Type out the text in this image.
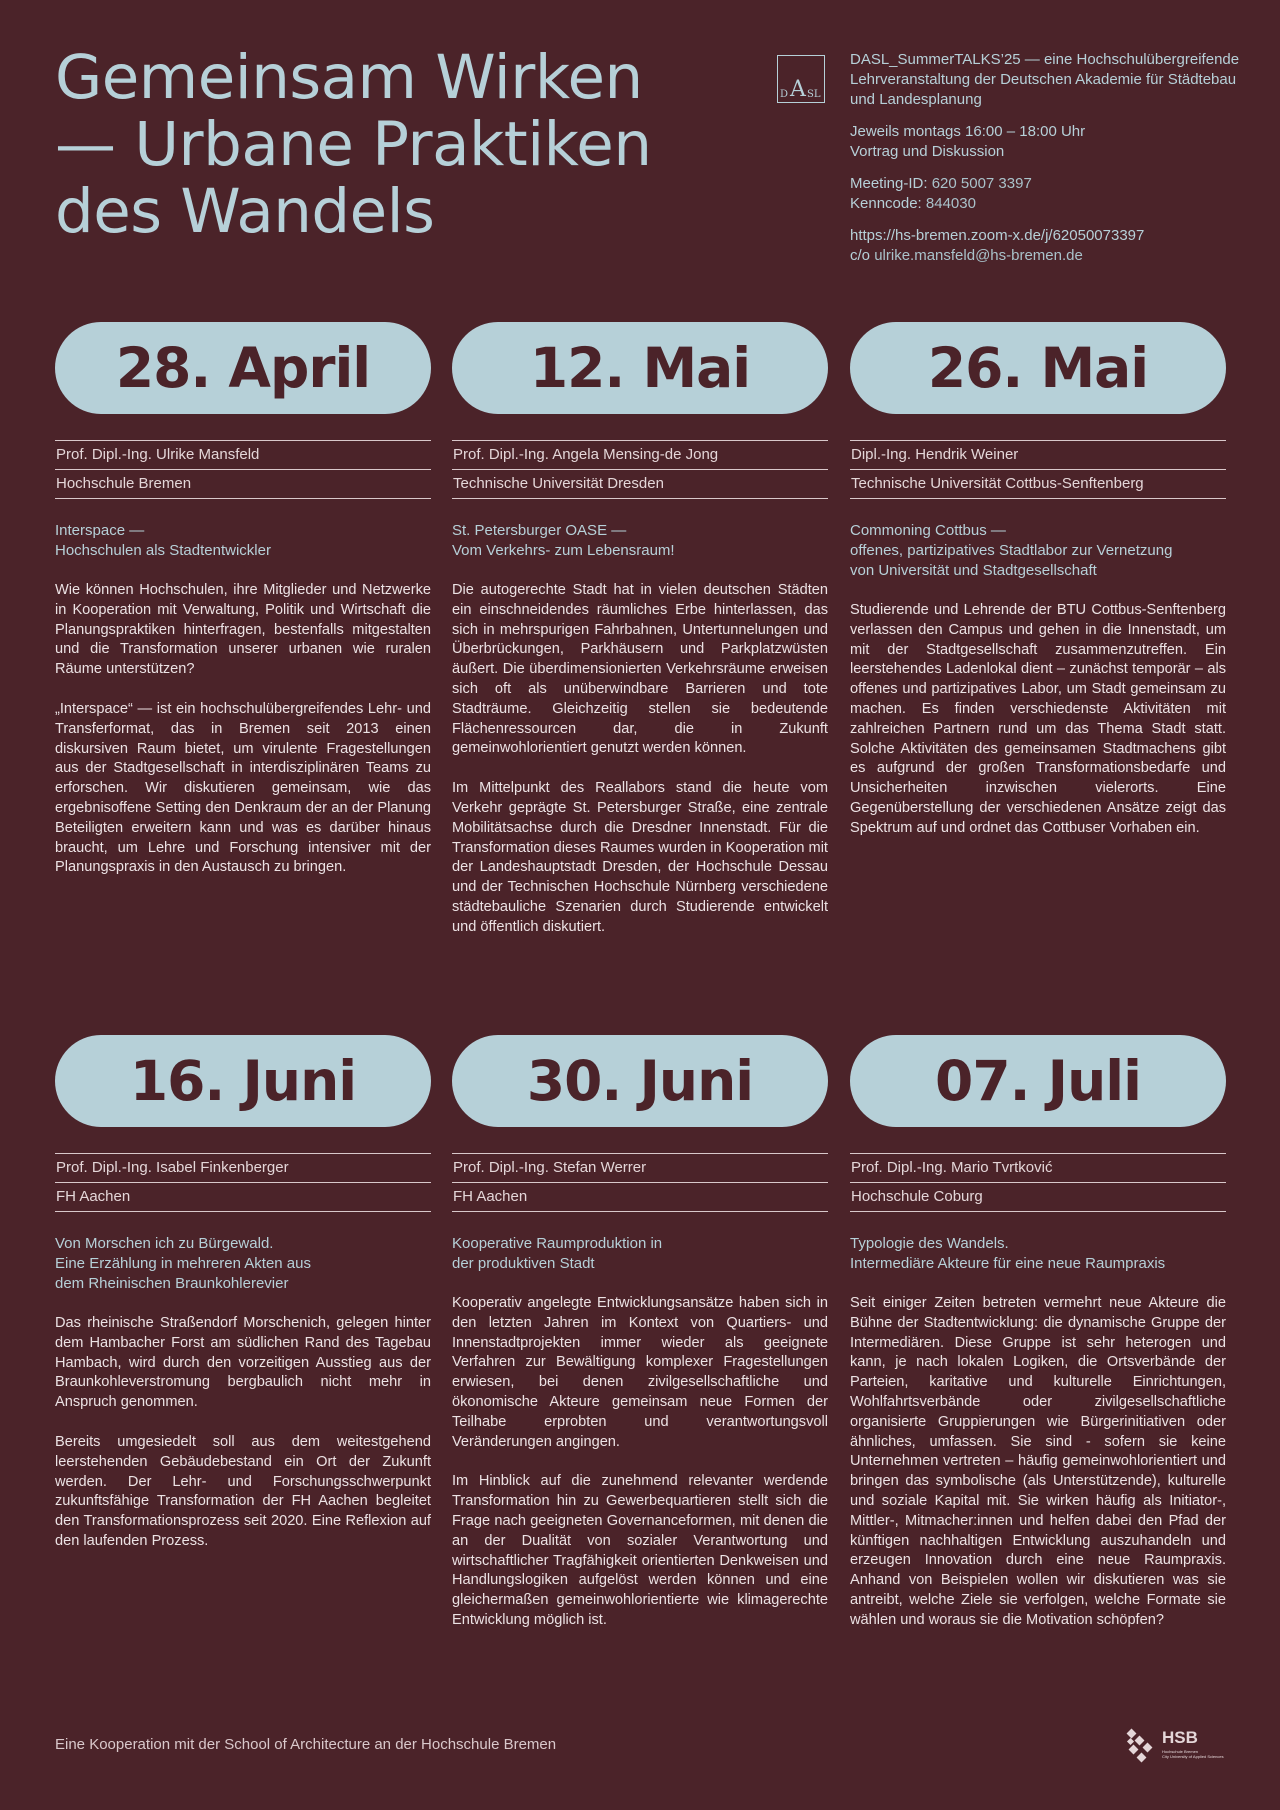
Gemeinsam Wirken
— Urbane Praktiken
des Wandels
D A SL

DASL_SummerTALKS’25 — eine Hochschulübergreifende Lehrveranstaltung der Deutschen Akademie für Städtebau und Landesplanung

Jeweils montags 16:00 – 18:00 Uhr

Vortrag und Diskussion

Meeting-ID: 620 5007 3397

Kenncode: 844030

https://hs-bremen.zoom-x.de/j/62050073397

c/o ulrike.mansfeld@hs-bremen.de

28. April
Prof. Dipl.-Ing. Ulrike Mansfeld
Hochschule Bremen
Interspace —
Hochschulen als Stadtentwickler

Wie können Hochschulen, ihre Mitglieder und Netzwerke in Kooperation mit Verwaltung, Politik und Wirtschaft die Planungspraktiken hinterfragen, bestenfalls mitgestalten und die Transformation unserer urbanen wie ruralen Räume unterstützen?

„Interspace“ — ist ein hochschulübergreifendes Lehr- und Transferformat, das in Bremen seit 2013 einen diskursiven Raum bietet, um virulente Fragestellungen aus der Stadtgesellschaft in interdisziplinären Teams zu erforschen. Wir diskutieren gemeinsam, wie das ergebnisoffene Setting den Denkraum der an der Planung Beteiligten erweitern kann und was es darüber hinaus braucht, um Lehre und Forschung intensiver mit der Planungspraxis in den Austausch zu bringen.

12. Mai
Prof. Dipl.-Ing. Angela Mensing-de Jong
Technische Universität Dresden
St. Petersburger OASE —
Vom Verkehrs- zum Lebensraum!

Die autogerechte Stadt hat in vielen deutschen Städten ein einschneidendes räumliches Erbe hinterlassen, das sich in mehrspurigen Fahrbahnen, Untertunnelungen und Überbrückungen, Parkhäusern und Parkplatzwüsten äußert. Die überdimensionierten Verkehrsräume erweisen sich oft als unüberwindbare Barrieren und tote Stadträume. Gleichzeitig stellen sie bedeutende Flächenressourcen dar, die in Zukunft gemeinwohlorientiert genutzt werden können.

Im Mittelpunkt des Reallabors stand die heute vom Verkehr geprägte St. Petersburger Straße, eine zentrale Mobilitätsachse durch die Dresdner Innenstadt. Für die Transformation dieses Raumes wurden in Kooperation mit der Landeshauptstadt Dresden, der Hochschule Dessau und der Technischen Hochschule Nürnberg verschiedene städtebauliche Szenarien durch Studierende entwickelt und öffentlich diskutiert.

26. Mai
Dipl.-Ing. Hendrik Weiner
Technische Universität Cottbus-Senftenberg
Commoning Cottbus —
offenes, partizipatives Stadtlabor zur Vernetzung
von Universität und Stadtgesellschaft

Studierende und Lehrende der BTU Cottbus-Senftenberg verlassen den Campus und gehen in die Innenstadt, um mit der Stadtgesellschaft zusammenzutreffen. Ein leerstehendes Ladenlokal dient – zunächst temporär – als offenes und partizipatives Labor, um Stadt gemeinsam zu machen. Es finden verschiedenste Aktivitäten mit zahlreichen Partnern rund um das Thema Stadt statt. Solche Aktivitäten des gemeinsamen Stadtmachens gibt es aufgrund der großen Transformationsbedarfe und Unsicherheiten inzwischen vielerorts. Eine Gegenüberstellung der verschiedenen Ansätze zeigt das Spektrum auf und ordnet das Cottbuser Vorhaben ein.

16. Juni
Prof. Dipl.-Ing. Isabel Finkenberger
FH Aachen
Von Morschen ich zu Bürgewald.
Eine Erzählung in mehreren Akten aus
dem Rheinischen Braunkohlerevier

Das rheinische Straßendorf Morschenich, gelegen hinter dem Hambacher Forst am südlichen Rand des Tagebau Hambach, wird durch den vorzeitigen Ausstieg aus der Braunkohleverstromung bergbaulich nicht mehr in Anspruch genommen.

Bereits umgesiedelt soll aus dem weitestgehend leerstehenden Gebäudebestand ein Ort der Zukunft werden. Der Lehr- und Forschungsschwerpunkt zukunftsfähige Transformation der FH Aachen begleitet den Transformationsprozess seit 2020. Eine Reflexion auf den laufenden Prozess.

30. Juni
Prof. Dipl.-Ing. Stefan Werrer
FH Aachen
Kooperative Raumproduktion in
der produktiven Stadt

Kooperativ angelegte Entwicklungsansätze haben sich in den letzten Jahren im Kontext von Quartiers- und Innenstadtprojekten immer wieder als geeignete Verfahren zur Bewältigung komplexer Fragestellungen erwiesen, bei denen zivilgesellschaftliche und ökonomische Akteure gemeinsam neue Formen der Teilhabe erprobten und verantwortungsvoll Veränderungen angingen.

Im Hinblick auf die zunehmend relevanter werdende Transformation hin zu Gewerbequartieren stellt sich die Frage nach geeigneten Governanceformen, mit denen die an der Dualität von sozialer Verantwortung und wirtschaftlicher Tragfähigkeit orientierten Denkweisen und Handlungslogiken aufgelöst werden können und eine gleichermaßen gemeinwohlorientierte wie klimagerechte Entwicklung möglich ist.

07. Juli
Prof. Dipl.-Ing. Mario Tvrtković
Hochschule Coburg
Typologie des Wandels.
Intermediäre Akteure für eine neue Raumpraxis

Seit einiger Zeiten betreten vermehrt neue Akteure die Bühne der Stadtentwicklung: die dynamische Gruppe der Intermediären. Diese Gruppe ist sehr heterogen und kann, je nach lokalen Logiken, die Ortsverbände der Parteien, karitative und kulturelle Einrichtungen, Wohlfahrtsverbände oder zivilgesellschaftliche organisierte Gruppierungen wie Bürgerinitiativen oder ähnliches, umfassen. Sie sind - sofern sie keine Unternehmen vertreten – häufig gemeinwohlorientiert und bringen das symbolische (als Unterstützende), kulturelle und soziale Kapital mit. Sie wirken häufig als Initiator-, Mittler-, Mitmacher:innen und helfen dabei den Pfad der künftigen nachhaltigen Entwicklung auszuhandeln und erzeugen Innovation durch eine neue Raumpraxis. Anhand von Beispielen wollen wir diskutieren was sie antreibt, welche Ziele sie verfolgen, welche Formate sie wählen und woraus sie die Motivation schöpfen?

Eine Kooperation mit der School of Architecture an der Hochschule Bremen	HSB
Hochschule Bremen
City University of Applied Sciences
